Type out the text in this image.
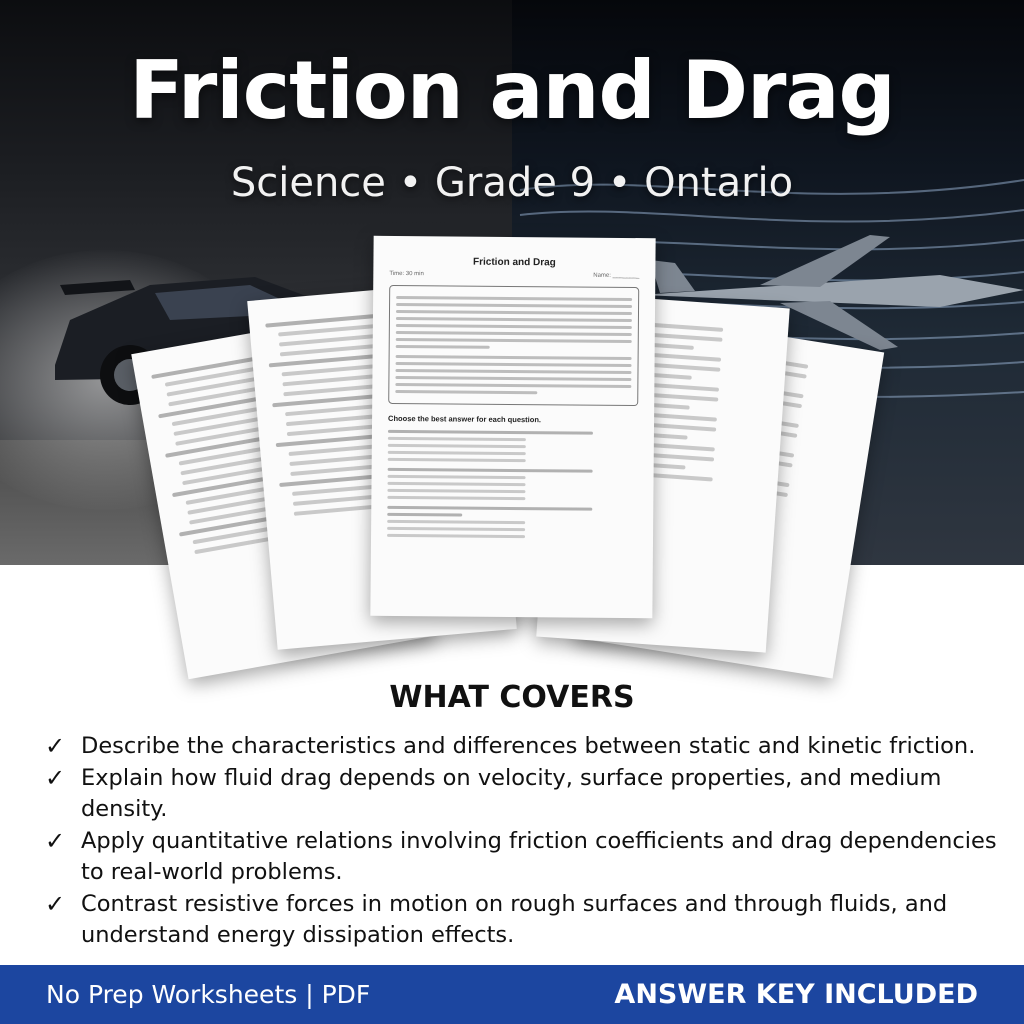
Friction and Drag
Science • Grade 9 • Ontario
Friction and Drag
Time: 30 min	Name: ________
Choose the best answer for each question.
WHAT COVERS
✓ Describe the characteristics and differences between static and kinetic friction.
✓ Explain how fluid drag depends on velocity, surface properties, and medium density.
✓ Apply quantitative relations involving friction coefficients and drag dependencies to real-world problems.
✓ Contrast resistive forces in motion on rough surfaces and through fluids, and understand energy dissipation effects.
No Prep Worksheets | PDF	ANSWER KEY INCLUDED
